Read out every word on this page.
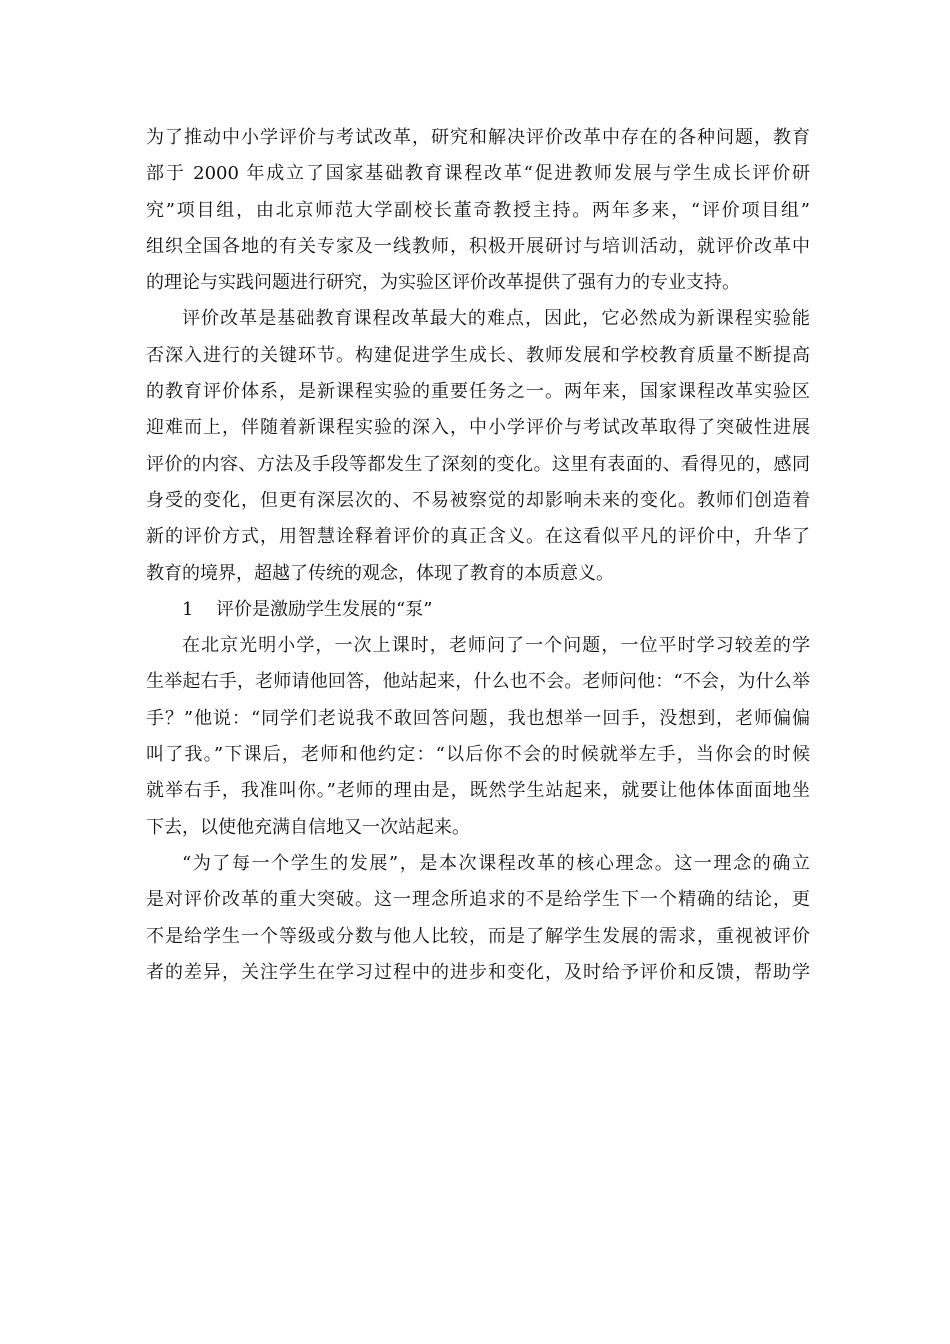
为了推动中小学评价与考试改革，研究和解决评价改革中存在的各种问题，教育
部于 2000 年成立了国家基础教育课程改革“促进教师发展与学生成长评价研
究”项目组，由北京师范大学副校长董奇教授主持。两年多来，“评价项目组”
组织全国各地的有关专家及一线教师，积极开展研讨与培训活动，就评价改革中
的理论与实践问题进行研究，为实验区评价改革提供了强有力的专业支持。
评价改革是基础教育课程改革最大的难点，因此，它必然成为新课程实验能
否深入进行的关键环节。构建促进学生成长、教师发展和学校教育质量不断提高
的教育评价体系，是新课程实验的重要任务之一。两年来，国家课程改革实验区
迎难而上，伴随着新课程实验的深入，中小学评价与考试改革取得了突破性进展
评价的内容、方法及手段等都发生了深刻的变化。这里有表面的、看得见的，感同
身受的变化，但更有深层次的、不易被察觉的却影响未来的变化。教师们创造着
新的评价方式，用智慧诠释着评价的真正含义。在这看似平凡的评价中，升华了
教育的境界，超越了传统的观念，体现了教育的本质意义。
1 评价是激励学生发展的“泵”
在北京光明小学，一次上课时，老师问了一个问题，一位平时学习较差的学
生举起右手，老师请他回答，他站起来，什么也不会。老师问他：“不会，为什么举
手？”他说：“同学们老说我不敢回答问题，我也想举一回手，没想到，老师偏偏
叫了我。”下课后，老师和他约定：“以后你不会的时候就举左手，当你会的时候
就举右手，我准叫你。”老师的理由是，既然学生站起来，就要让他体体面面地坐
下去，以使他充满自信地又一次站起来。
“为了每一个学生的发展”，是本次课程改革的核心理念。这一理念的确立
是对评价改革的重大突破。这一理念所追求的不是给学生下一个精确的结论，更
不是给学生一个等级或分数与他人比较，而是了解学生发展的需求，重视被评价
者的差异，关注学生在学习过程中的进步和变化，及时给予评价和反馈，帮助学
